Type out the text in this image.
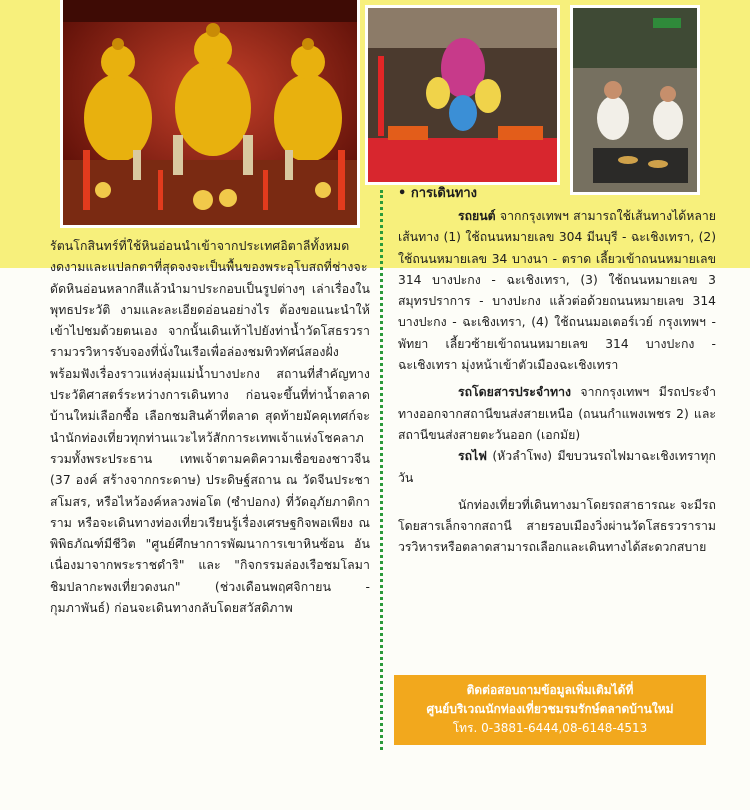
รัตนโกสินทร์ที่ใช้หินอ่อนนำเข้าจากประเทศอิตาลีทั้งหมด งดงามและแปลกตาที่สุดจงจะเป็นพื้นของพระอุโบสถที่ช่างจะดัดหินอ่อนหลากสีแล้วนำมาประกอบเป็นรูปต่างๆ เล่าเรื่องในพุทธประวัติ งามและละเอียดอ่อนอย่างไร ต้องขอแนะนำให้เข้าไปชมด้วยตนเอง จากนั้นเดินเท้าไปยังท่าน้ำวัดโสธรวรารามวรวิหารจับจองที่นั่งในเรือเพื่อล่องชมทิวทัศน์สองฝั่ง พร้อมฟังเรื่องราวแห่งลุ่มแม่น้ำบางปะกง สถานที่สำคัญทางประวัติศาสตร์ระหว่างการเดินทาง ก่อนจะขึ้นที่ท่าน้ำตลาดบ้านใหม่เลือกซื้อ เลือกชมสินค้าที่ตลาด สุดท้ายมัคคุเทศก์จะนำนักท่องเที่ยวทุกท่านแวะไหว้สักการะเทพเจ้าแห่งโชคลาภ รวมทั้งพระประธาน เทพเจ้าตามคติความเชื่อของชาวจีน (37 องค์ สร้างจากกระดาษ) ประดิษฐ์สถาน ณ วัดจีนประชาสโมสร, หรือไหว้องค์หลวงพ่อโต (ซำปอกง) ที่วัดอุภัยภาติการาม หรือจะเดินทางท่องเที่ยวเรียนรู้เรื่องเศรษฐกิจพอเพียง ณ พิพิธภัณฑ์มีชีวิต "ศูนย์ศึกษาการพัฒนาการเขาหินซ้อน อันเนื่องมาจากพระราชดำริ" และ "กิจกรรมล่องเรือชมโลมา ชิมปลากะพงเที่ยวดงนก" (ช่วงเดือนพฤศจิกายน - กุมภาพันธ์) ก่อนจะเดินทางกลับโดยสวัสดิภาพ

• การเดินทาง

รถยนต์ จากกรุงเทพฯ สามารถใช้เส้นทางได้หลายเส้นทาง (1) ใช้ถนนหมายเลข 304 มีนบุรี - ฉะเชิงเทรา, (2) ใช้ถนนหมายเลข 34 บางนา - ตราด เลี้ยวเข้าถนนหมายเลข 314 บางปะกง - ฉะเชิงเทรา, (3) ใช้ถนนหมายเลข 3 สมุทรปราการ - บางปะกง แล้วต่อด้วยถนนหมายเลข 314 บางปะกง - ฉะเชิงเทรา, (4) ใช้ถนนมอเตอร์เวย์ กรุงเทพฯ - พัทยา เลี้ยวซ้ายเข้าถนนหมายเลข 314 บางปะกง - ฉะเชิงเทรา มุ่งหน้าเข้าตัวเมืองฉะเชิงเทรา

รถโดยสารประจำทาง จากกรุงเทพฯ มีรถประจำทางออกจากสถานีขนส่งสายเหนือ (ถนนกำแพงเพชร 2) และสถานีขนส่งสายตะวันออก (เอกมัย)

รถไฟ (หัวลำโพง) มีขบวนรถไฟมาฉะเชิงเทราทุกวัน

นักท่องเที่ยวที่เดินทางมาโดยรถสาธารณะ จะมีรถโดยสารเล็กจากสถานี สายรอบเมืองวิ่งผ่านวัดโสธรวรารามวรวิหารหรือตลาดสามารถเลือกและเดินทางได้สะดวกสบาย

ติดต่อสอบถามข้อมูลเพิ่มเติมได้ที่
ศูนย์บริเวณนักท่องเที่ยวชมรมรักษ์ตลาดบ้านใหม่
โทร. 0-3881-6444,08-6148-4513
